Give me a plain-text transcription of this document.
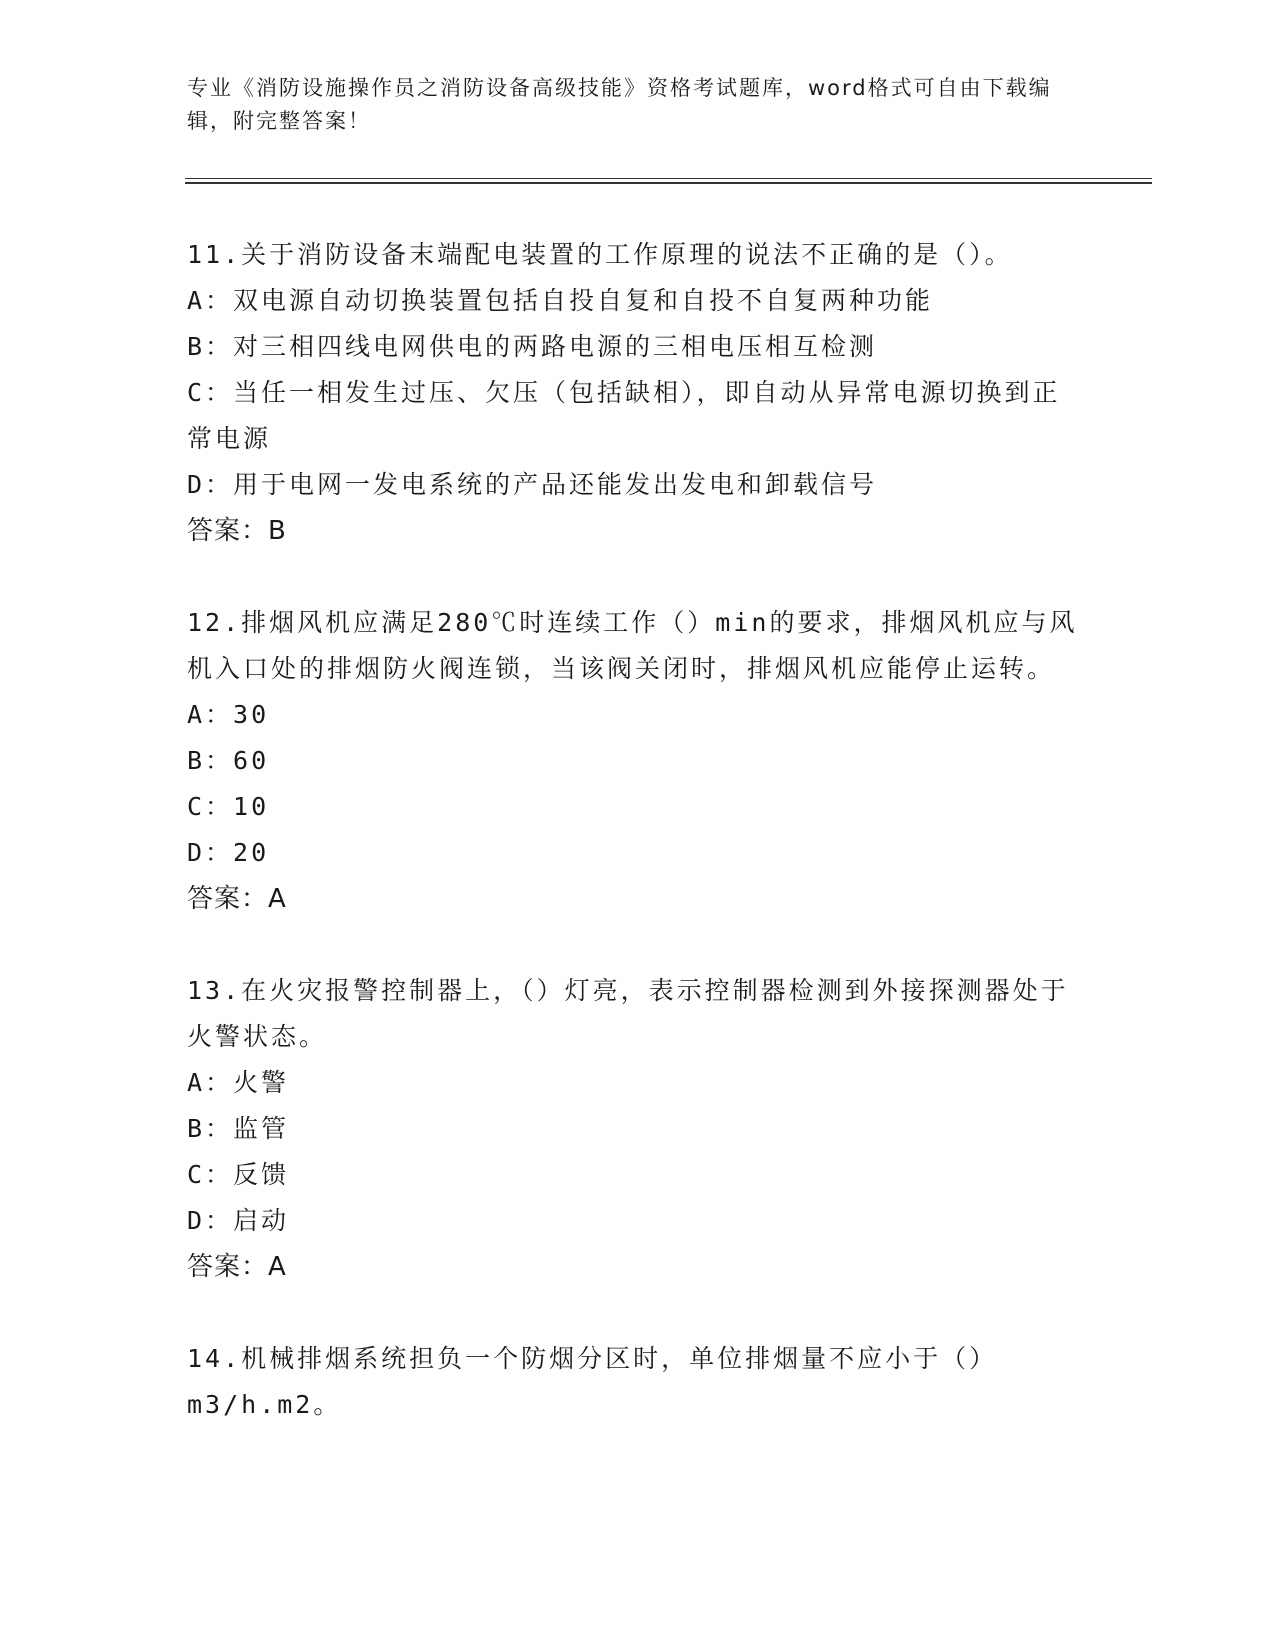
专业《消防设施操作员之消防设备高级技能》资格考试题库，word格式可自由下载编辑，附完整答案！
11.关于消防设备末端配电装置的工作原理的说法不正确的是（）。
A：双电源自动切换装置包括自投自复和自投不自复两种功能
B：对三相四线电网供电的两路电源的三相电压相互检测
C：当任一相发生过压、欠压（包括缺相），即自动从异常电源切换到正常电源
D：用于电网一发电系统的产品还能发出发电和卸载信号
答案：B
12.排烟风机应满足280℃时连续工作（）min的要求，排烟风机应与风机入口处的排烟防火阀连锁，当该阀关闭时，排烟风机应能停止运转。
A：30
B：60
C：10
D：20
答案：A
13.在火灾报警控制器上，（）灯亮，表示控制器检测到外接探测器处于火警状态。
A：火警
B：监管
C：反馈
D：启动
答案：A
14.机械排烟系统担负一个防烟分区时，单位排烟量不应小于（）m3/h.m2。
